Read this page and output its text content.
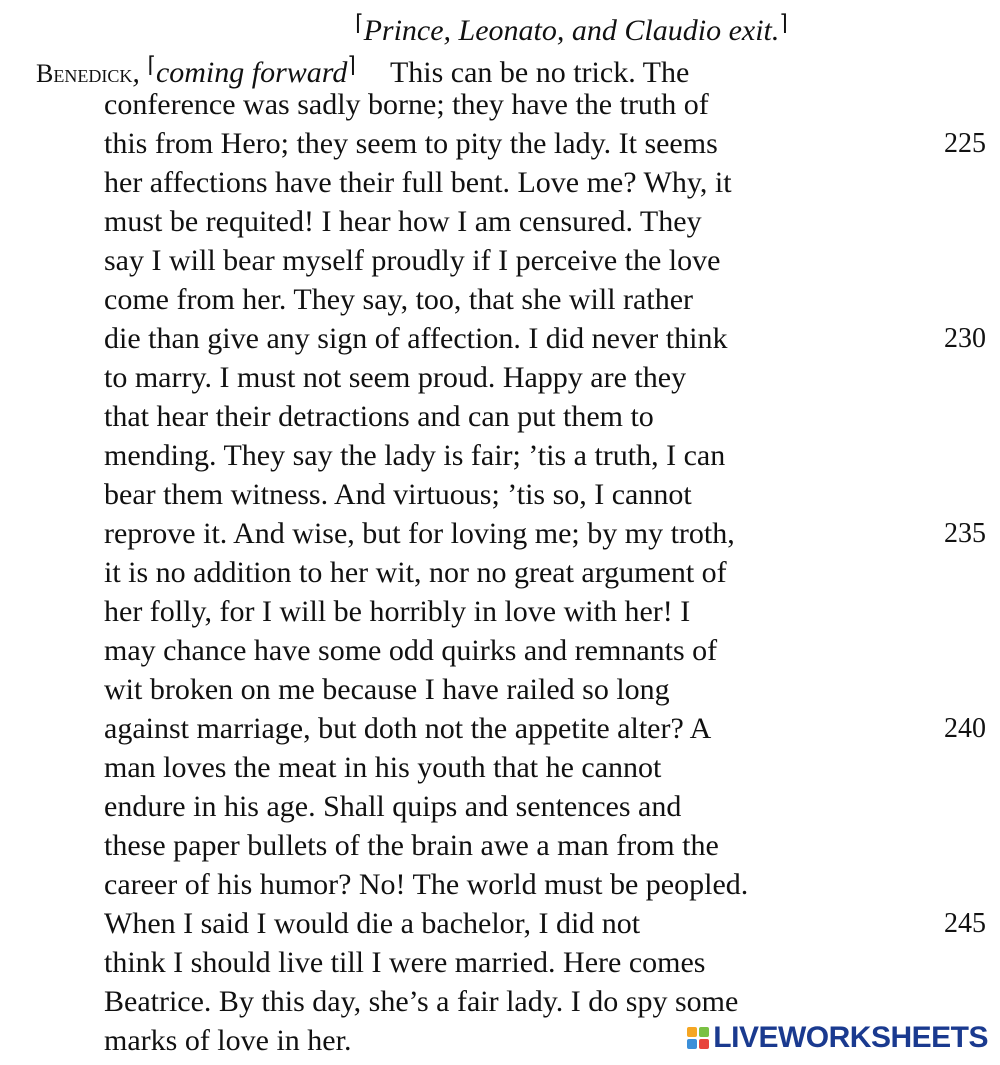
⌈Prince, Leonato, and Claudio exit.⌉
Benedick, ⌈coming forward⌉ This can be no trick. The
conference was sadly borne; they have the truth of
this from Hero; they seem to pity the lady. It seems
her affections have their full bent. Love me? Why, it
must be requited! I hear how I am censured. They
say I will bear myself proudly if I perceive the love
come from her. They say, too, that she will rather
die than give any sign of affection. I did never think
to marry. I must not seem proud. Happy are they
that hear their detractions and can put them to
mending. They say the lady is fair; ’tis a truth, I can
bear them witness. And virtuous; ’tis so, I cannot
reprove it. And wise, but for loving me; by my troth,
it is no addition to her wit, nor no great argument of
her folly, for I will be horribly in love with her! I
may chance have some odd quirks and remnants of
wit broken on me because I have railed so long
against marriage, but doth not the appetite alter? A
man loves the meat in his youth that he cannot
endure in his age. Shall quips and sentences and
these paper bullets of the brain awe a man from the
career of his humor? No! The world must be peopled.
When I said I would die a bachelor, I did not
think I should live till I were married. Here comes
Beatrice. By this day, she’s a fair lady. I do spy some
marks of love in her.
225
230
235
240
245
LIVEWORKSHEETS
